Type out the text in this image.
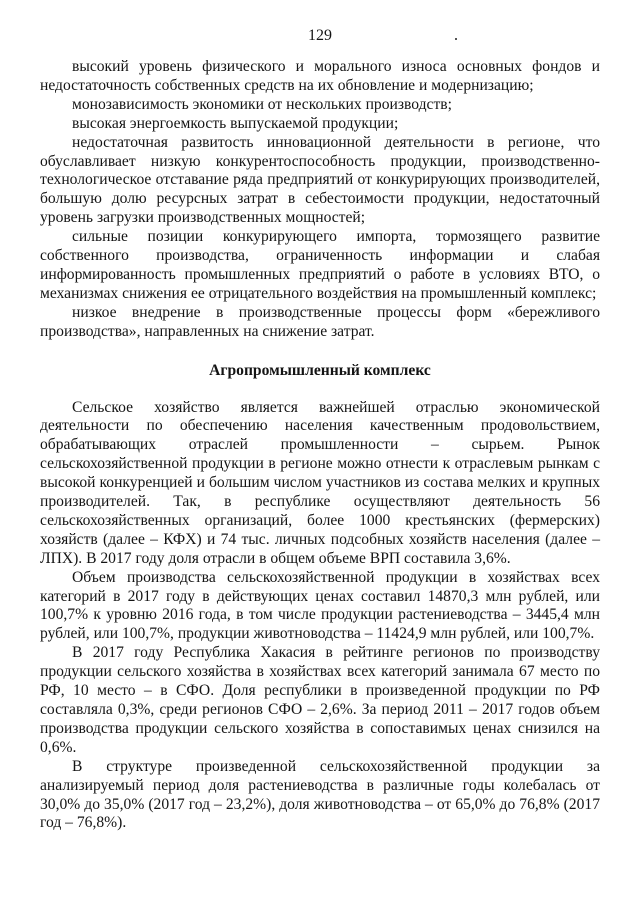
129

высокий уровень физического и морального износа основных фондов и недостаточность собственных средств на их обновление и модернизацию;

монозависимость экономики от нескольких производств;

высокая энергоемкость выпускаемой продукции;

недостаточная развитость инновационной деятельности в регионе, что обуславливает низкую конкурентоспособность продукции, производственно-технологическое отставание ряда предприятий от конкурирующих производителей, большую долю ресурсных затрат в себестоимости продукции, недостаточный уровень загрузки производственных мощностей;

сильные позиции конкурирующего импорта, тормозящего развитие собственного производства, ограниченность информации и слабая информированность промышленных предприятий о работе в условиях ВТО, о механизмах снижения ее отрицательного воздействия на промышленный комплекс;

низкое внедрение в производственные процессы форм «бережливого производства», направленных на снижение затрат.

Агропромышленный комплекс

Сельское хозяйство является важнейшей отраслью экономической деятельности по обеспечению населения качественным продовольствием, обрабатывающих отраслей промышленности – сырьем. Рынок сельскохозяйственной продукции в регионе можно отнести к отраслевым рынкам с высокой конкуренцией и большим числом участников из состава мелких и крупных производителей. Так, в республике осуществляют деятельность 56 сельскохозяйственных организаций, более 1000 крестьянских (фермерских) хозяйств (далее – КФХ) и 74 тыс. личных подсобных хозяйств населения (далее – ЛПХ). В 2017 году доля отрасли в общем объеме ВРП составила 3,6%.

Объем производства сельскохозяйственной продукции в хозяйствах всех категорий в 2017 году в действующих ценах составил 14870,3 млн рублей, или 100,7% к уровню 2016 года, в том числе продукции растениеводства – 3445,4 млн рублей, или 100,7%, продукции животноводства – 11424,9 млн рублей, или 100,7%.

В 2017 году Республика Хакасия в рейтинге регионов по производству продукции сельского хозяйства в хозяйствах всех категорий занимала 67 место по РФ, 10 место – в СФО. Доля республики в произведенной продукции по РФ составляла 0,3%, среди регионов СФО – 2,6%. За период 2011 – 2017 годов объем производства продукции сельского хозяйства в сопоставимых ценах снизился на 0,6%.

В структуре произведенной сельскохозяйственной продукции за анализируемый период доля растениеводства в различные годы колебалась от 30,0% до 35,0% (2017 год – 23,2%), доля животноводства – от 65,0% до 76,8% (2017 год – 76,8%).
